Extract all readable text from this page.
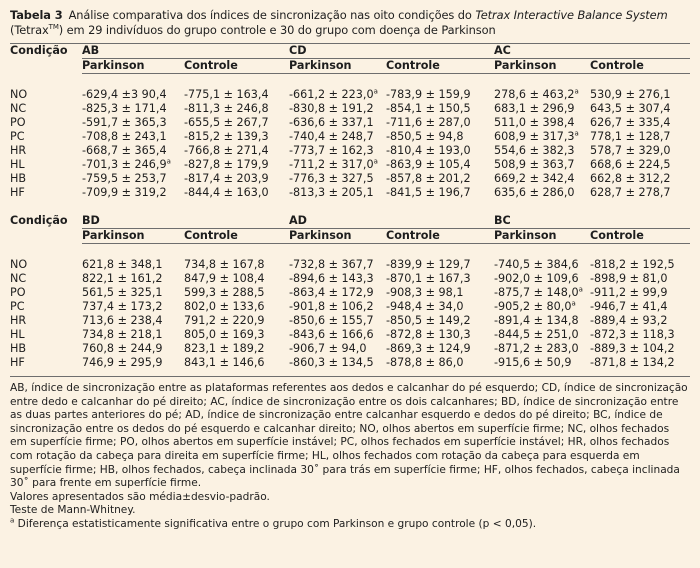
Tabela 3 Análise comparativa dos índices de sincronização nas oito condições do Tetrax Interactive Balance System
(Tetrax™) em 29 indivíduos do grupo controle e 30 do grupo com doença de Parkinson
Condição	AB		CD		AC	
	Parkinson	Controle	Parkinson	Controle	Parkinson	Controle

NO	-629,4 ±3 90,4	-775,1 ± 163,4	-661,2 ± 223,0$^a$	-783,9 ± 159,9	278,6 ± 463,2$^a$	530,9 ± 276,1
NC	-825,3 ± 171,4	-811,3 ± 246,8	-830,8 ± 191,2	-854,1 ± 150,5	683,1 ± 296,9	643,5 ± 307,4
PO	-591,7 ± 365,3	-655,5 ± 267,7	-636,6 ± 337,1	-711,6 ± 287,0	511,0 ± 398,4	626,7 ± 335,4
PC	-708,8 ± 243,1	-815,2 ± 139,3	-740,4 ± 248,7	-850,5 ± 94,8	608,9 ± 317,3$^a$	778,1 ± 128,7
HR	-668,7 ± 365,4	-766,8 ± 271,4	-773,7 ± 162,3	-810,4 ± 193,0	554,6 ± 382,3	578,7 ± 329,0
HL	-701,3 ± 246,9$^a$	-827,8 ± 179,9	-711,2 ± 317,0$^a$	-863,9 ± 105,4	508,9 ± 363,7	668,6 ± 224,5
HB	-759,5 ± 253,7	-817,4 ± 203,9	-776,3 ± 327,5	-857,8 ± 201,2	669,2 ± 342,4	662,8 ± 312,2
HF	-709,9 ± 319,2	-844,4 ± 163,0	-813,3 ± 205,1	-841,5 ± 196,7	635,6 ± 286,0	628,7 ± 278,7

Condição	BD		AD		BC	
	Parkinson	Controle	Parkinson	Controle	Parkinson	Controle

NO	621,8 ± 348,1	734,8 ± 167,8	-732,8 ± 367,7	-839,9 ± 129,7	-740,5 ± 384,6	-818,2 ± 192,5
NC	822,1 ± 161,2	847,9 ± 108,4	-894,6 ± 143,3	-870,1 ± 167,3	-902,0 ± 109,6	-898,9 ± 81,0
PO	561,5 ± 325,1	599,3 ± 288,5	-863,4 ± 172,9	-908,3 ± 98,1	-875,7 ± 148,0$^a$	-911,2 ± 99,9
PC	737,4 ± 173,2	802,0 ± 133,6	-901,8 ± 106,2	-948,4 ± 34,0	-905,2 ± 80,0$^a$	-946,7 ± 41,4
HR	713,6 ± 238,4	791,2 ± 220,9	-850,6 ± 155,7	-850,5 ± 149,2	-891,4 ± 134,8	-889,4 ± 93,2
HL	734,8 ± 218,1	805,0 ± 169,3	-843,6 ± 166,6	-872,8 ± 130,3	-844,5 ± 251,0	-872,3 ± 118,3
HB	760,8 ± 244,9	823,1 ± 189,2	-906,7 ± 94,0	-869,3 ± 124,9	-871,2 ± 283,0	-889,3 ± 104,2
HF	746,9 ± 295,9	843,1 ± 146,6	-860,3 ± 134,5	-878,8 ± 86,0	-915,6 ± 50,9	-871,8 ± 134,2

AB, índice de sincronização entre as plataformas referentes aos dedos e calcanhar do pé esquerdo; CD, índice de sincronização entre dedo e calcanhar do pé direito; AC, índice de sincronização entre os dois calcanhares; BD, índice de sincronização entre as duas partes anteriores do pé; AD, índice de sincronização entre calcanhar esquerdo e dedos do pé direito; BC, índice de sincronização entre os dedos do pé esquerdo e calcanhar direito; NO, olhos abertos em superfície firme; NC, olhos fechados em superfície firme; PO, olhos abertos em superfície instável; PC, olhos fechados em superfície instável; HR, olhos fechados com rotação da cabeça para direita em superfície firme; HL, olhos fechados com rotação da cabeça para esquerda em superfície firme; HB, olhos fechados, cabeça inclinada 30˚ para trás em superfície firme; HF, olhos fechados, cabeça inclinada 30˚ para frente em superfície firme.

Valores apresentados são média±desvio-padrão.

Teste de Mann-Whitney.

$^a$ Diferença estatisticamente significativa entre o grupo com Parkinson e grupo controle (p < 0,05).
